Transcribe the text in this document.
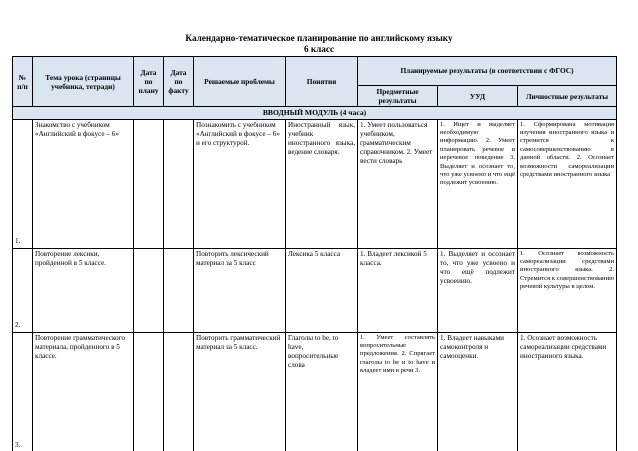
Календарно-тематическое планирование по английскому языку
6 класс
№ п/п	Тема урока (страницы учебника, тетради)	Дата по плану	Дата по факту	Решаемые проблемы	Понятия	Планируемые результаты (в соответствии с ФГОС)		
						Предметные результаты	УУД	Личностные результаты
ВВОДНЫЙ МОДУЛЬ (4 часа)								
1.	Знакомство с учебником «Английский в фокусе – 6»			Познакомить с учебником «Английский в фокусе – 6» и его структурой.	Иностранный язык, учебник иностранного языка, ведение словаря.	1. Умеет пользоваться учебником, грамматическим справочником. 2. Умеет вести словарь	1. Ищет и выделяет необходимую информацию. 2. Умеет планировать речевое и неречевое поведение 3. Выделяет и осознает то, что уже усвоено и что ещё подлежит усвоению.	1. Сформирована мотивация изучения иностранного языка и стремится к самосовершенствованию в данной области. 2. Осознает возможности самореализации средствами иностранного языка
2.	Повторение лексики, пройденной в 5 классе.			Повторить лексический материал за 5 класс	Лексика 5 класса	1. Владеет лексикой 5 класса.	1. Выделяет и осознает то, что уже усвоено и что ещё подлежит усвоению.	1. Осознает возможность самореализации средствами иностранного языка. 2. Стремится к совершенствованию речевой культуры в целом.
3.	Повторение грамматического материала, пройденного в 5 классе.			Повторить грамматический материал за 5 класс.	Глаголы to be, to have, вопросительные слова	1. Умеет составлять вопросительные предложения. 2. Спрягает глаголы to be и to have и владеет ими в речи 3.	1. Владеет навыками самоконтроля и самооценки.	1. Осознает возможность самореализации средствами иностранного языка.
